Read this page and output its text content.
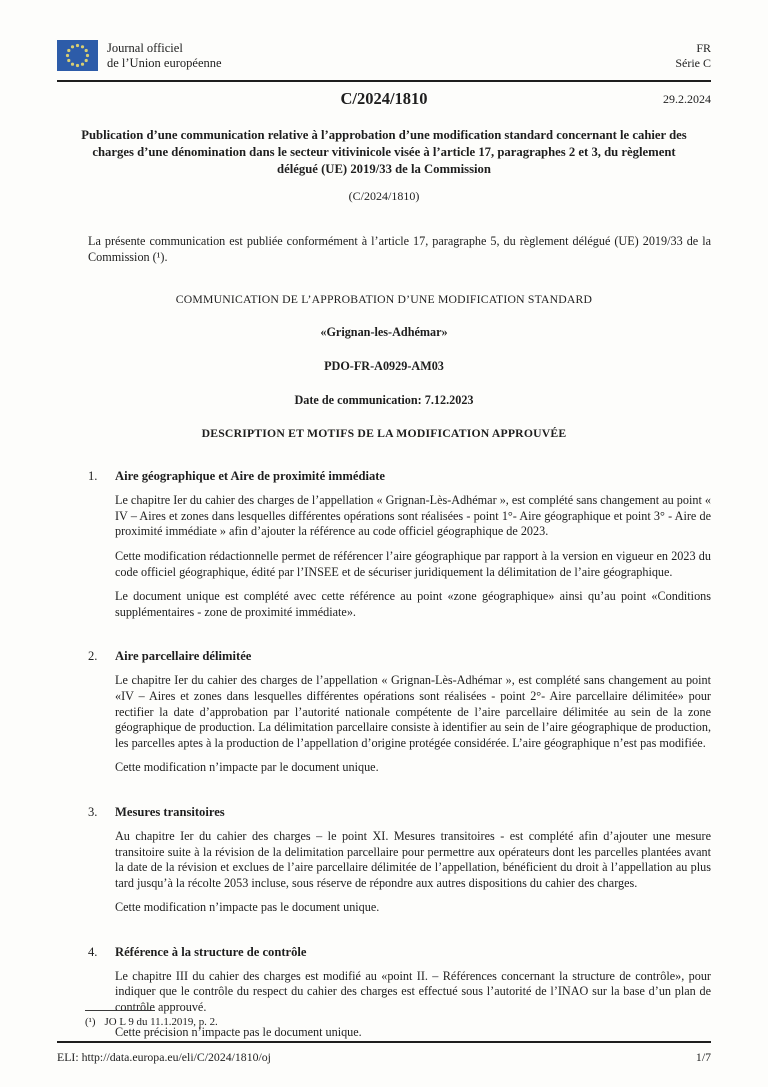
Journal officiel
de l’Union européenne
FR
Série C
C/2024/1810	29.2.2024
Publication d’une communication relative à l’approbation d’une modification standard concernant le cahier des charges d’une dénomination dans le secteur vitivinicole visée à l’article 17, paragraphes 2 et 3, du règlement délégué (UE) 2019/33 de la Commission
(C/2024/1810)

La présente communication est publiée conformément à l’article 17, paragraphe 5, du règlement délégué (UE) 2019/33 de la Commission (¹).

COMMUNICATION DE L’APPROBATION D’UNE MODIFICATION STANDARD
«Grignan-les-Adhémar»
PDO-FR-A0929-AM03
Date de communication: 7.12.2023
DESCRIPTION ET MOTIFS DE LA MODIFICATION APPROUVÉE
1. Aire géographique et Aire de proximité immédiate

Le chapitre Ier du cahier des charges de l’appellation « Grignan-Lès-Adhémar », est complété sans changement au point « IV – Aires et zones dans lesquelles différentes opérations sont réalisées - point 1°- Aire géographique et point 3° - Aire de proximité immédiate » afin d’ajouter la référence au code officiel géographique de 2023.

Cette modification rédactionnelle permet de référencer l’aire géographique par rapport à la version en vigueur en 2023 du code officiel géographique, édité par l’INSEE et de sécuriser juridiquement la délimitation de l’aire géographique.

Le document unique est complété avec cette référence au point «zone géographique» ainsi qu’au point «Conditions supplémentaires - zone de proximité immédiate».

2. Aire parcellaire délimitée

Le chapitre Ier du cahier des charges de l’appellation « Grignan-Lès-Adhémar », est complété sans changement au point «IV – Aires et zones dans lesquelles différentes opérations sont réalisées - point 2°- Aire parcellaire délimitée» pour rectifier la date d’approbation par l’autorité nationale compétente de l’aire parcellaire délimitée au sein de la zone géographique de production. La délimitation parcellaire consiste à identifier au sein de l’aire géographique de production, les parcelles aptes à la production de l’appellation d’origine protégée considérée. L’aire géographique n’est pas modifiée.

Cette modification n’impacte par le document unique.

3. Mesures transitoires

Au chapitre Ier du cahier des charges – le point XI. Mesures transitoires - est complété afin d’ajouter une mesure transitoire suite à la révision de la delimitation parcellaire pour permettre aux opérateurs dont les parcelles plantées avant la date de la révision et exclues de l’aire parcellaire délimitée de l’appellation, bénéficient du droit à l’appellation au plus tard jusqu’à la récolte 2053 incluse, sous réserve de répondre aux autres dispositions du cahier des charges.

Cette modification n’impacte pas le document unique.

4. Référence à la structure de contrôle

Le chapitre III du cahier des charges est modifié au «point II. – Références concernant la structure de contrôle», pour indiquer que le contrôle du respect du cahier des charges est effectué sous l’autorité de l’INAO sur la base d’un plan de contrôle approuvé.

Cette précision n’impacte pas le document unique.

(¹) JO L 9 du 11.1.2019, p. 2.
ELI: http://data.europa.eu/eli/C/2024/1810/oj	1/7
